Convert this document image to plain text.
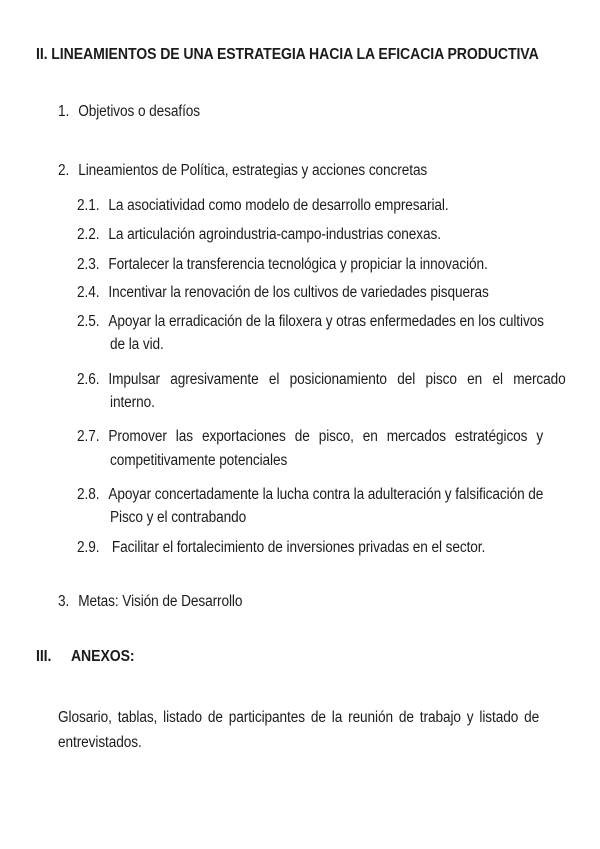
II. LINEAMIENTOS DE UNA ESTRATEGIA HACIA LA EFICACIA PRODUCTIVA
1. Objetivos o desafíos
2. Lineamientos de Política, estrategias y acciones concretas
2.1. La asociatividad como modelo de desarrollo empresarial.
2.2. La articulación agroindustria-campo-industrias conexas.
2.3. Fortalecer la transferencia tecnológica y propiciar la innovación.
2.4. Incentivar la renovación de los cultivos de variedades pisqueras
2.5. Apoyar la erradicación de la filoxera y otras enfermedades en los cultivos
de la vid.
2.6. Impulsar agresivamente el posicionamiento del pisco en el mercado
interno.
2.7. Promover las exportaciones de pisco, en mercados estratégicos y
competitivamente potenciales
2.8. Apoyar concertadamente la lucha contra la adulteración y falsificación de
Pisco y el contrabando
2.9. Facilitar el fortalecimiento de inversiones privadas en el sector.
3. Metas: Visión de Desarrollo
III. ANEXOS:
Glosario, tablas, listado de participantes de la reunión de trabajo y listado de
entrevistados.
